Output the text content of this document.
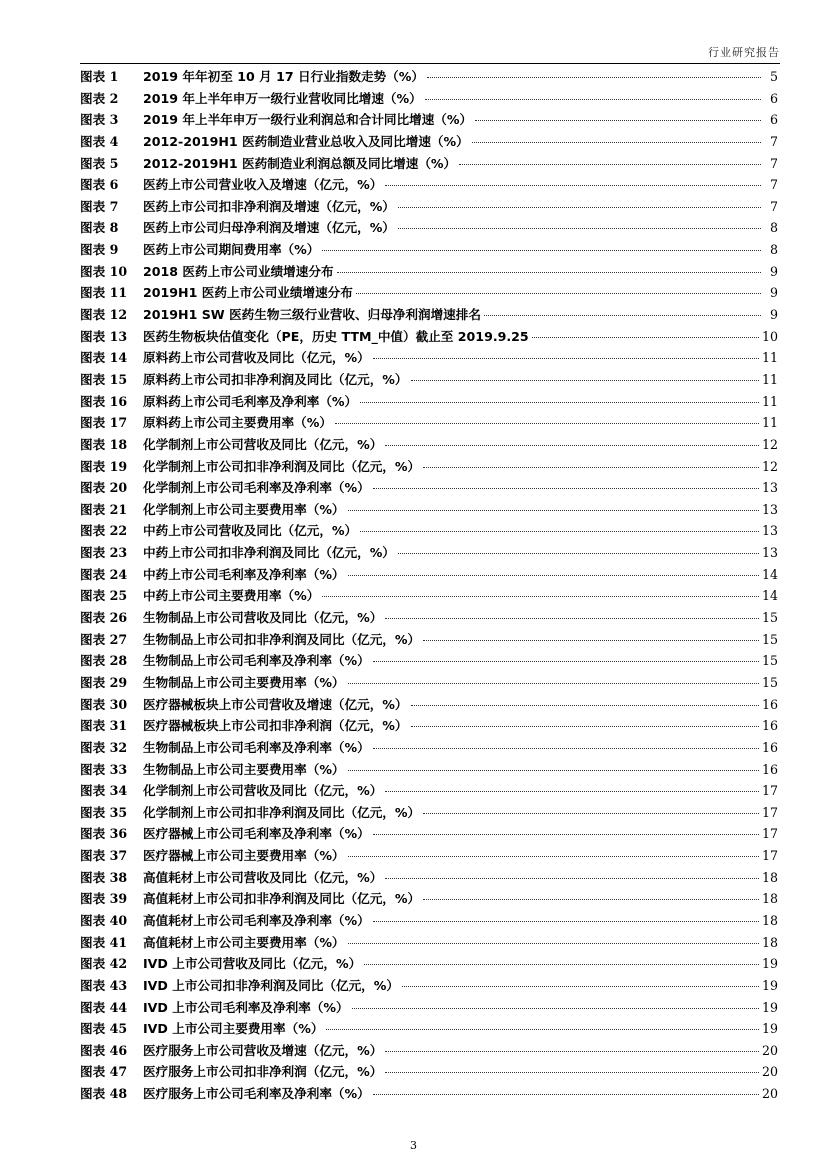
行业研究报告
图表 1	2019 年年初至 10 月 17 日行业指数走势（%）	5
图表 2	2019 年上半年申万一级行业营收同比增速（%）	6
图表 3	2019 年上半年申万一级行业利润总和合计同比增速（%）	6
图表 4	2012-2019H1 医药制造业营业总收入及同比增速（%）	7
图表 5	2012-2019H1 医药制造业利润总额及同比增速（%）	7
图表 6	医药上市公司营业收入及增速（亿元，%）	7
图表 7	医药上市公司扣非净利润及增速（亿元，%）	7
图表 8	医药上市公司归母净利润及增速（亿元，%）	8
图表 9	医药上市公司期间费用率（%）	8
图表 10	2018 医药上市公司业绩增速分布	9
图表 11	2019H1 医药上市公司业绩增速分布	9
图表 12	2019H1 SW 医药生物三级行业营收、归母净利润增速排名	9
图表 13	医药生物板块估值变化（PE，历史 TTM_中值）截止至 2019.9.25	10
图表 14	原料药上市公司营收及同比（亿元，%）	11
图表 15	原料药上市公司扣非净利润及同比（亿元，%）	11
图表 16	原料药上市公司毛利率及净利率（%）	11
图表 17	原料药上市公司主要费用率（%）	11
图表 18	化学制剂上市公司营收及同比（亿元，%）	12
图表 19	化学制剂上市公司扣非净利润及同比（亿元，%）	12
图表 20	化学制剂上市公司毛利率及净利率（%）	13
图表 21	化学制剂上市公司主要费用率（%）	13
图表 22	中药上市公司营收及同比（亿元，%）	13
图表 23	中药上市公司扣非净利润及同比（亿元，%）	13
图表 24	中药上市公司毛利率及净利率（%）	14
图表 25	中药上市公司主要费用率（%）	14
图表 26	生物制品上市公司营收及同比（亿元，%）	15
图表 27	生物制品上市公司扣非净利润及同比（亿元，%）	15
图表 28	生物制品上市公司毛利率及净利率（%）	15
图表 29	生物制品上市公司主要费用率（%）	15
图表 30	医疗器械板块上市公司营收及增速（亿元，%）	16
图表 31	医疗器械板块上市公司扣非净利润（亿元，%）	16
图表 32	生物制品上市公司毛利率及净利率（%）	16
图表 33	生物制品上市公司主要费用率（%）	16
图表 34	化学制剂上市公司营收及同比（亿元，%）	17
图表 35	化学制剂上市公司扣非净利润及同比（亿元，%）	17
图表 36	医疗器械上市公司毛利率及净利率（%）	17
图表 37	医疗器械上市公司主要费用率（%）	17
图表 38	高值耗材上市公司营收及同比（亿元，%）	18
图表 39	高值耗材上市公司扣非净利润及同比（亿元，%）	18
图表 40	高值耗材上市公司毛利率及净利率（%）	18
图表 41	高值耗材上市公司主要费用率（%）	18
图表 42	IVD 上市公司营收及同比（亿元，%）	19
图表 43	IVD 上市公司扣非净利润及同比（亿元，%）	19
图表 44	IVD 上市公司毛利率及净利率（%）	19
图表 45	IVD 上市公司主要费用率（%）	19
图表 46	医疗服务上市公司营收及增速（亿元，%）	20
图表 47	医疗服务上市公司扣非净利润（亿元，%）	20
图表 48	医疗服务上市公司毛利率及净利率（%）	20
3
